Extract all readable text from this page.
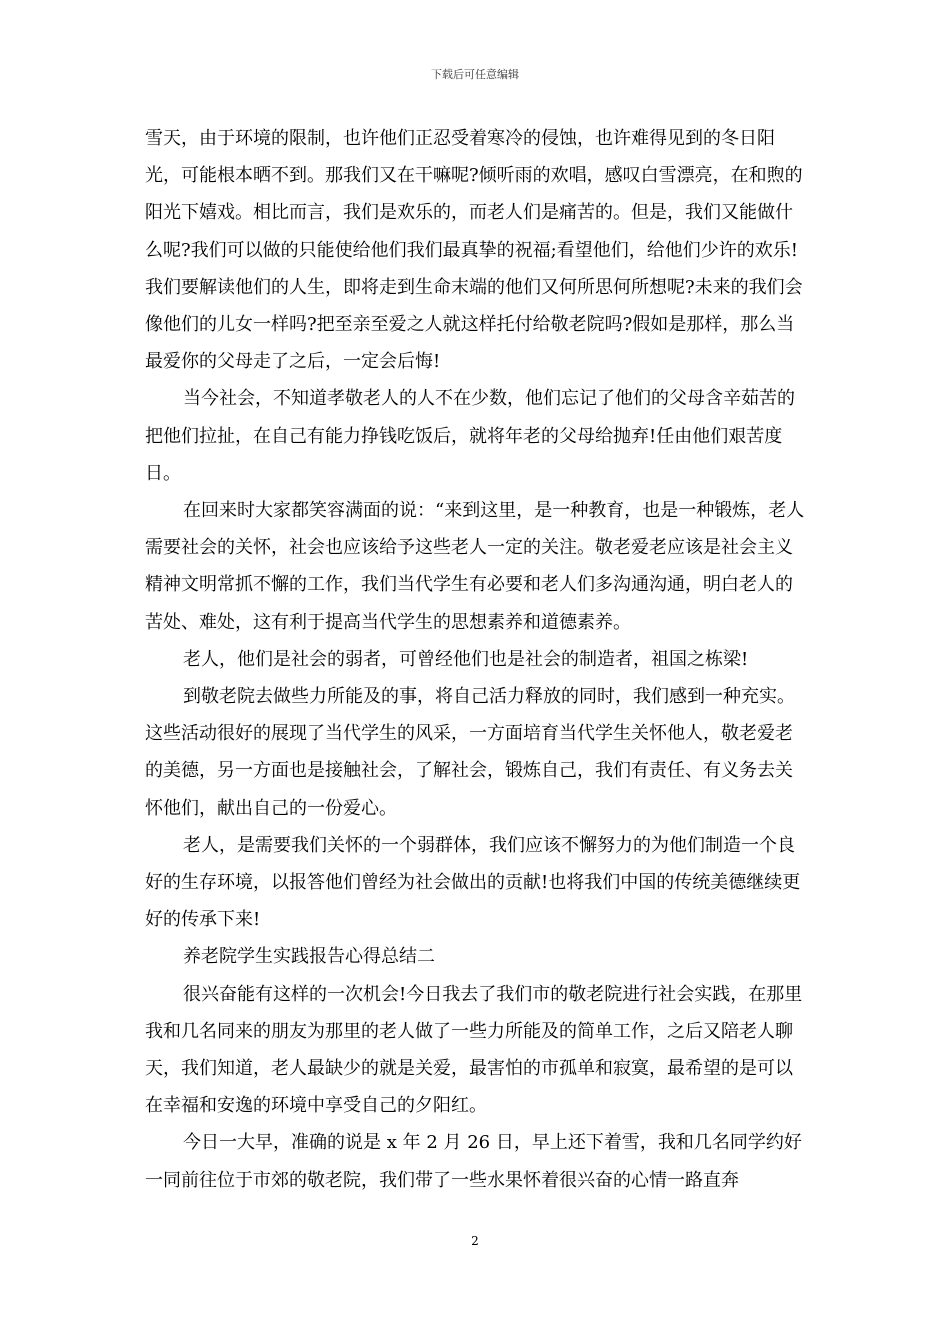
下载后可任意编辑

雪天，由于环境的限制，也许他们正忍受着寒冷的侵蚀，也许难得见到的冬日阳光，可能根本晒不到。那我们又在干嘛呢?倾听雨的欢唱，感叹白雪漂亮，在和煦的阳光下嬉戏。相比而言，我们是欢乐的，而老人们是痛苦的。但是，我们又能做什么呢?我们可以做的只能使给他们我们最真挚的祝福;看望他们，给他们少许的欢乐!我们要解读他们的人生，即将走到生命末端的他们又何所思何所想呢?未来的我们会像他们的儿女一样吗?把至亲至爱之人就这样托付给敬老院吗?假如是那样，那么当最爱你的父母走了之后，一定会后悔!

当今社会，不知道孝敬老人的人不在少数，他们忘记了他们的父母含辛茹苦的把他们拉扯，在自己有能力挣钱吃饭后，就将年老的父母给抛弃!任由他们艰苦度日。

在回来时大家都笑容满面的说：“来到这里，是一种教育，也是一种锻炼，老人需要社会的关怀，社会也应该给予这些老人一定的关注。敬老爱老应该是社会主义精神文明常抓不懈的工作，我们当代学生有必要和老人们多沟通沟通，明白老人的苦处、难处，这有利于提高当代学生的思想素养和道德素养。

老人，他们是社会的弱者，可曾经他们也是社会的制造者，祖国之栋梁!

到敬老院去做些力所能及的事，将自己活力释放的同时，我们感到一种充实。这些活动很好的展现了当代学生的风采，一方面培育当代学生关怀他人，敬老爱老的美德，另一方面也是接触社会，了解社会，锻炼自己，我们有责任、有义务去关怀他们，献出自己的一份爱心。

老人，是需要我们关怀的一个弱群体，我们应该不懈努力的为他们制造一个良好的生存环境，以报答他们曾经为社会做出的贡献!也将我们中国的传统美德继续更好的传承下来!

养老院学生实践报告心得总结二

很兴奋能有这样的一次机会!今日我去了我们市的敬老院进行社会实践，在那里我和几名同来的朋友为那里的老人做了一些力所能及的简单工作，之后又陪老人聊天，我们知道，老人最缺少的就是关爱，最害怕的市孤单和寂寞，最希望的是可以在幸福和安逸的环境中享受自己的夕阳红。

今日一大早，准确的说是 x 年 2 月 26 日，早上还下着雪，我和几名同学约好一同前往位于市郊的敬老院，我们带了一些水果怀着很兴奋的心情一路直奔

2
